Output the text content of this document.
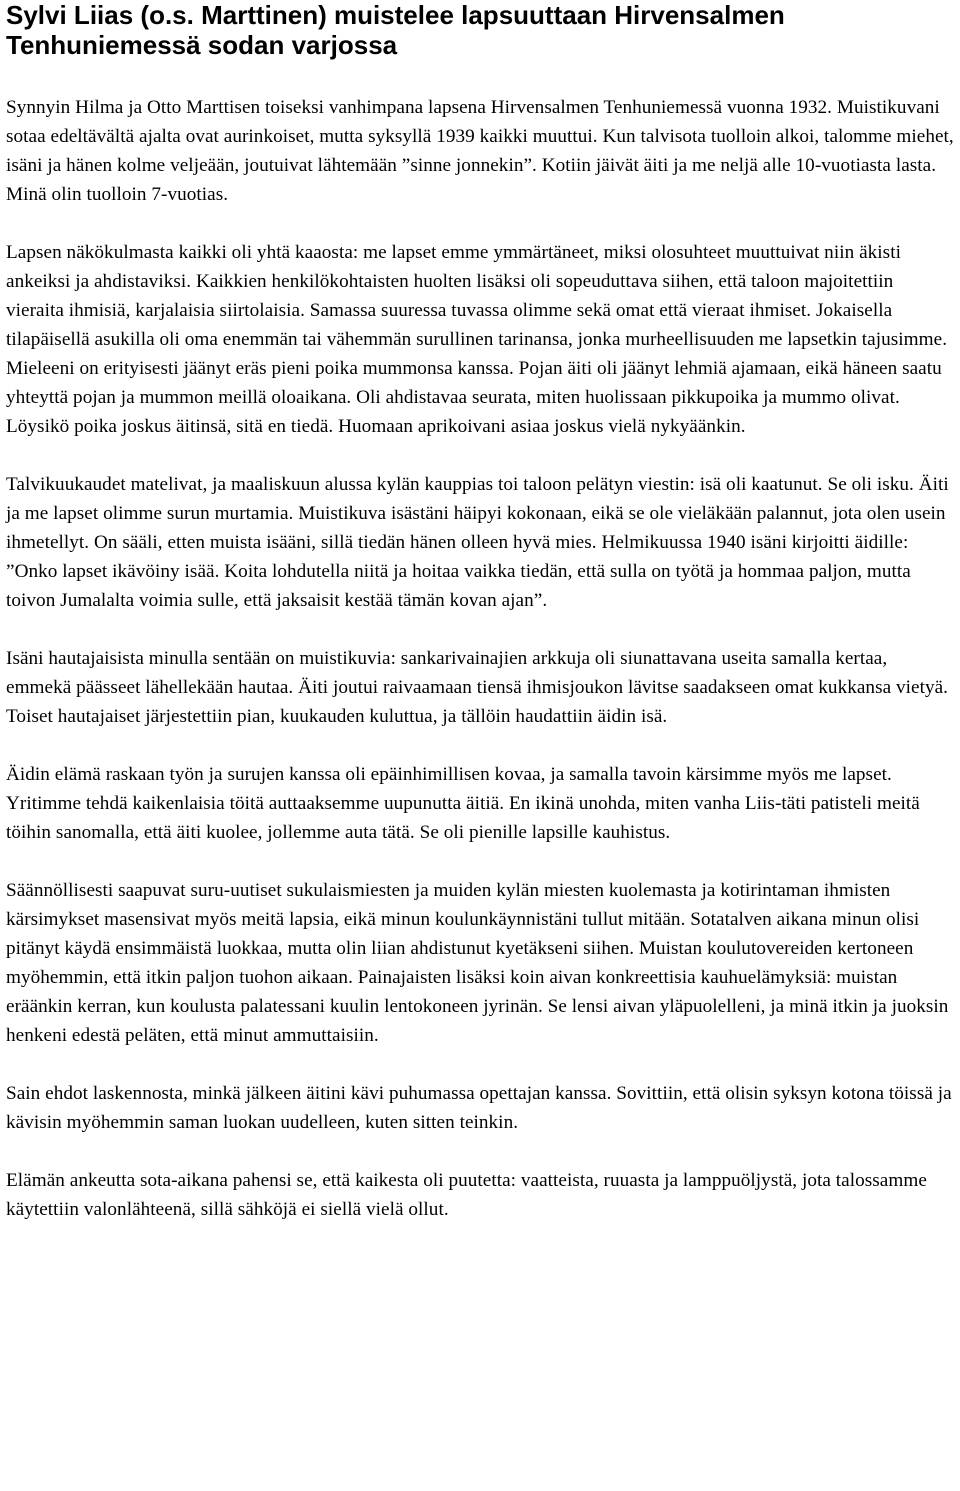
Sylvi Liias (o.s. Marttinen) muistelee lapsuuttaan Hirvensalmen Tenhuniemessä sodan varjossa

Synnyin Hilma ja Otto Marttisen toiseksi vanhimpana lapsena Hirvensalmen Tenhuniemessä vuonna 1932. Muistikuvani sotaa edeltävältä ajalta ovat aurinkoiset, mutta syksyllä 1939 kaikki muuttui. Kun talvisota tuolloin alkoi, talomme miehet, isäni ja hänen kolme veljeään, joutuivat lähtemään ”sinne jonnekin”. Kotiin jäivät äiti ja me neljä alle 10-vuotiasta lasta. Minä olin tuolloin 7-vuotias.

Lapsen näkökulmasta kaikki oli yhtä kaaosta: me lapset emme ymmärtäneet, miksi olosuhteet muuttuivat niin äkisti ankeiksi ja ahdistaviksi. Kaikkien henkilökohtaisten huolten lisäksi oli sopeuduttava siihen, että taloon majoitettiin vieraita ihmisiä, karjalaisia siirtolaisia. Samassa suuressa tuvassa olimme sekä omat että vieraat ihmiset. Jokaisella tilapäisellä asukilla oli oma enemmän tai vähemmän surullinen tarinansa, jonka murheellisuuden me lapsetkin tajusimme. Mieleeni on erityisesti jäänyt eräs pieni poika mummonsa kanssa. Pojan äiti oli jäänyt lehmiä ajamaan, eikä häneen saatu yhteyttä pojan ja mummon meillä oloaikana. Oli ahdistavaa seurata, miten huolissaan pikkupoika ja mummo olivat. Löysikö poika joskus äitinsä, sitä en tiedä. Huomaan aprikoivani asiaa joskus vielä nykyäänkin.

Talvikuukaudet matelivat, ja maaliskuun alussa kylän kauppias toi taloon pelätyn viestin: isä oli kaatunut. Se oli isku. Äiti ja me lapset olimme surun murtamia. Muistikuva isästäni häipyi kokonaan, eikä se ole vieläkään palannut, jota olen usein ihmetellyt. On sääli, etten muista isääni, sillä tiedän hänen olleen hyvä mies. Helmikuussa 1940 isäni kirjoitti äidille: ”Onko lapset ikävöiny isää. Koita lohdutella niitä ja hoitaa vaikka tiedän, että sulla on työtä ja hommaa paljon, mutta toivon Jumalalta voimia sulle, että jaksaisit kestää tämän kovan ajan”.

Isäni hautajaisista minulla sentään on muistikuvia: sankarivainajien arkkuja oli siunattavana useita samalla kertaa, emmekä päässeet lähellekään hautaa. Äiti joutui raivaamaan tiensä ihmisjoukon lävitse saadakseen omat kukkansa vietyä. Toiset hautajaiset järjestettiin pian, kuukauden kuluttua, ja tällöin haudattiin äidin isä.

Äidin elämä raskaan työn ja surujen kanssa oli epäinhimillisen kovaa, ja samalla tavoin kärsimme myös me lapset. Yritimme tehdä kaikenlaisia töitä auttaaksemme uupunutta äitiä. En ikinä unohda, miten vanha Liis-täti patisteli meitä töihin sanomalla, että äiti kuolee, jollemme auta tätä. Se oli pienille lapsille kauhistus.

Säännöllisesti saapuvat suru-uutiset sukulaismiesten ja muiden kylän miesten kuolemasta ja kotirintaman ihmisten kärsimykset masensivat myös meitä lapsia, eikä minun koulunkäynnistäni tullut mitään. Sotatalven aikana minun olisi pitänyt käydä ensimmäistä luokkaa, mutta olin liian ahdistunut kyetäkseni siihen. Muistan koulutovereiden kertoneen myöhemmin, että itkin paljon tuohon aikaan. Painajaisten lisäksi koin aivan konkreettisia kauhuelämyksiä: muistan eräänkin kerran, kun koulusta palatessani kuulin lentokoneen jyrinän. Se lensi aivan yläpuolelleni, ja minä itkin ja juoksin henkeni edestä peläten, että minut ammuttaisiin.

Sain ehdot laskennosta, minkä jälkeen äitini kävi puhumassa opettajan kanssa. Sovittiin, että olisin syksyn kotona töissä ja kävisin myöhemmin saman luokan uudelleen, kuten sitten teinkin.

Elämän ankeutta sota-aikana pahensi se, että kaikesta oli puutetta: vaatteista, ruuasta ja lamppuöljystä, jota talossamme käytettiin valonlähteenä, sillä sähköjä ei siellä vielä ollut.
